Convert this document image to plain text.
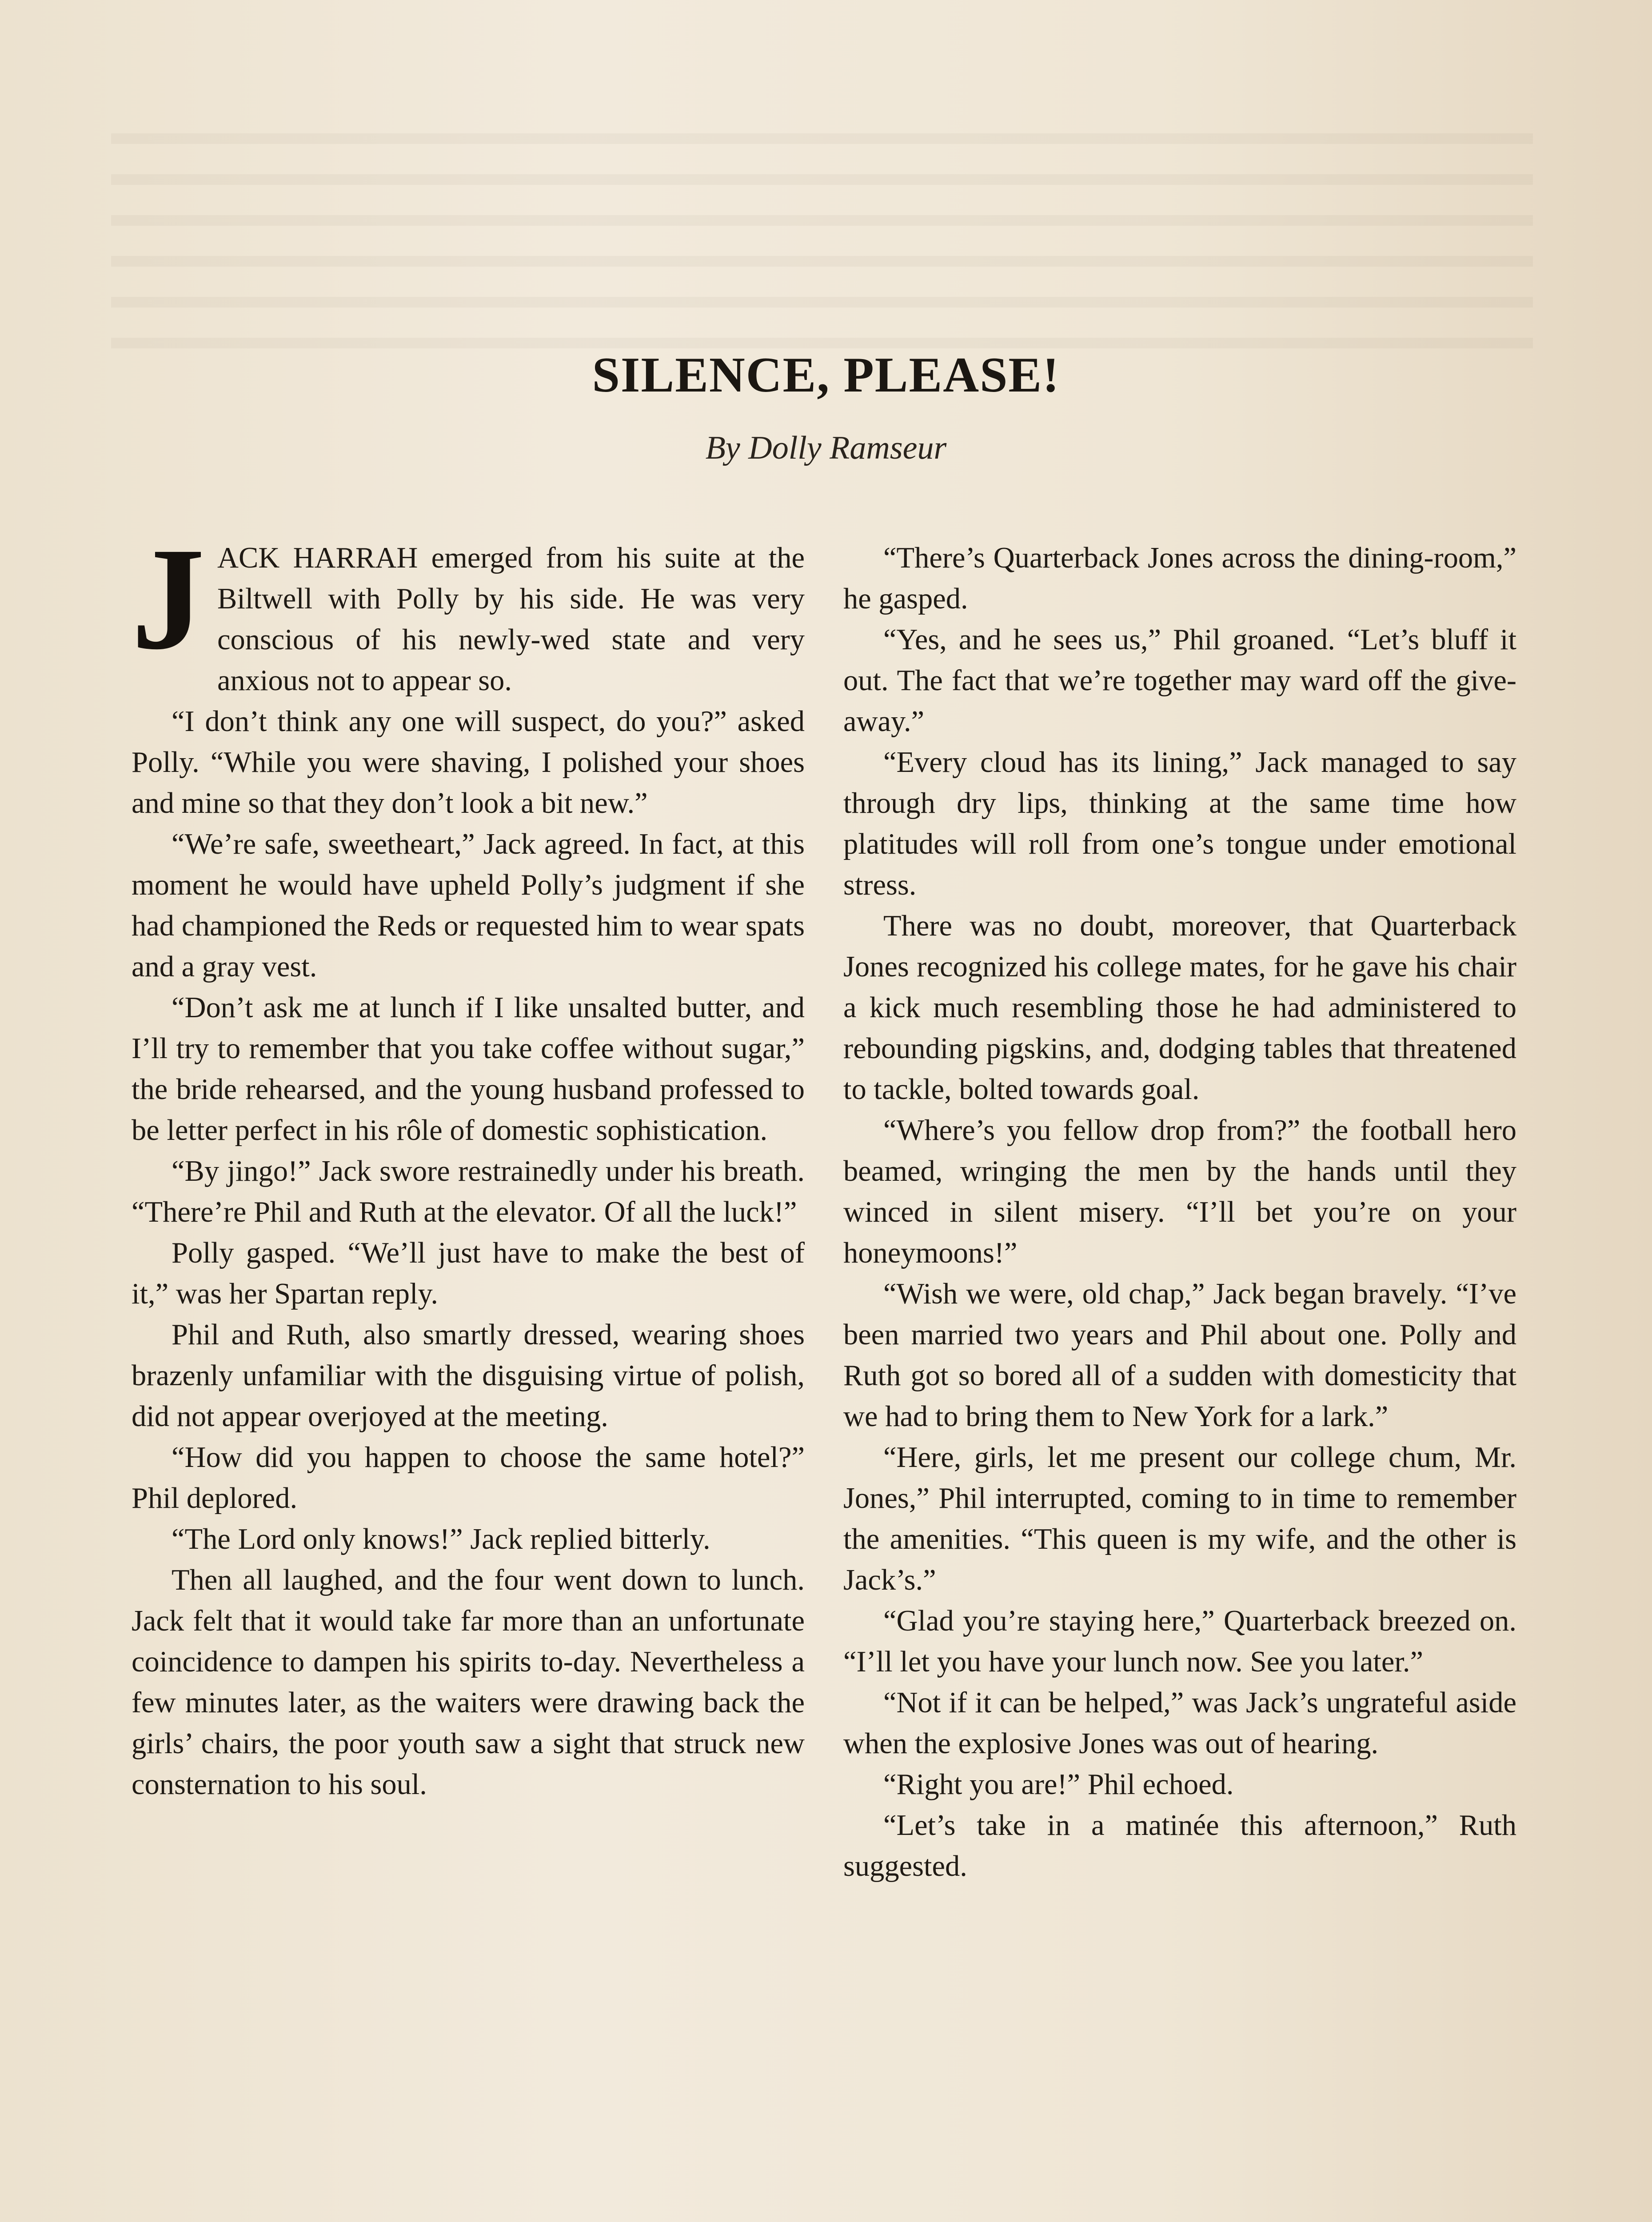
SILENCE, PLEASE!
By Dolly Ramseur

JACK HARRAH emerged from his suite at the Biltwell with Polly by his side. He was very conscious of his newly-wed state and very anxious not to appear so.

“I don’t think any one will suspect, do you?” asked Polly. “While you were shaving, I polished your shoes and mine so that they don’t look a bit new.”

“We’re safe, sweetheart,” Jack agreed. In fact, at this moment he would have upheld Polly’s judgment if she had championed the Reds or requested him to wear spats and a gray vest.

“Don’t ask me at lunch if I like unsalted butter, and I’ll try to remember that you take coffee without sugar,” the bride rehearsed, and the young husband professed to be letter perfect in his rôle of domestic sophistication.

“By jingo!” Jack swore restrainedly under his breath. “There’re Phil and Ruth at the elevator. Of all the luck!”

Polly gasped. “We’ll just have to make the best of it,” was her Spartan reply.

Phil and Ruth, also smartly dressed, wearing shoes brazenly unfamiliar with the disguising virtue of polish, did not appear overjoyed at the meeting.

“How did you happen to choose the same hotel?” Phil deplored.

“The Lord only knows!” Jack replied bitterly.

Then all laughed, and the four went down to lunch. Jack felt that it would take far more than an unfortunate coincidence to dampen his spirits to-day. Nevertheless a few minutes later, as the waiters were drawing back the girls’ chairs, the poor youth saw a sight that struck new consternation to his soul.

“There’s Quarterback Jones across the dining-room,” he gasped.

“Yes, and he sees us,” Phil groaned. “Let’s bluff it out. The fact that we’re together may ward off the give-away.”

“Every cloud has its lining,” Jack managed to say through dry lips, thinking at the same time how platitudes will roll from one’s tongue under emotional stress.

There was no doubt, moreover, that Quarterback Jones recognized his college mates, for he gave his chair a kick much resembling those he had administered to rebounding pigskins, and, dodging tables that threatened to tackle, bolted towards goal.

“Where’s you fellow drop from?” the football hero beamed, wringing the men by the hands until they winced in silent misery. “I’ll bet you’re on your honeymoons!”

“Wish we were, old chap,” Jack began bravely. “I’ve been married two years and Phil about one. Polly and Ruth got so bored all of a sudden with domesticity that we had to bring them to New York for a lark.”

“Here, girls, let me present our college chum, Mr. Jones,” Phil interrupted, coming to in time to remember the amenities. “This queen is my wife, and the other is Jack’s.”

“Glad you’re staying here,” Quarterback breezed on. “I’ll let you have your lunch now. See you later.”

“Not if it can be helped,” was Jack’s ungrateful aside when the explosive Jones was out of hearing.

“Right you are!” Phil echoed.

“Let’s take in a matinée this afternoon,” Ruth suggested.
